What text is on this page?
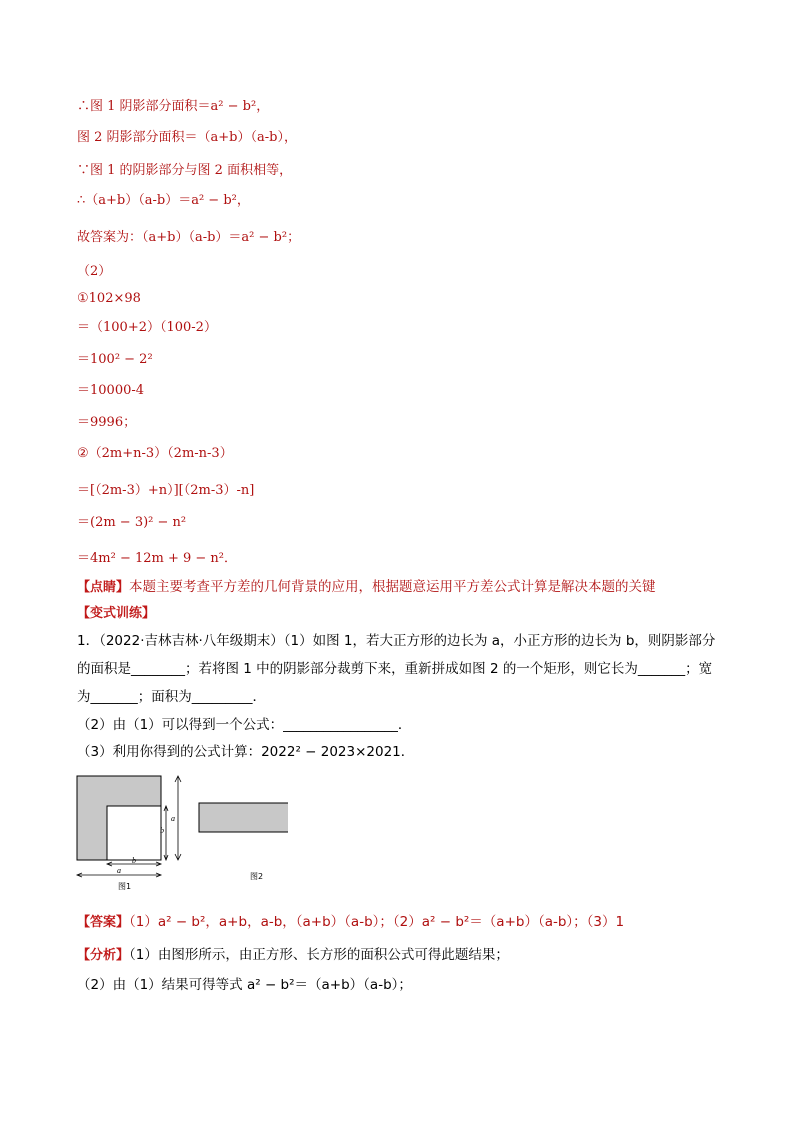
∴图 1 阴影部分面积＝a² − b²，
图 2 阴影部分面积＝（a+b）（a-b），
∵图 1 的阴影部分与图 2 面积相等，
∴（a+b）（a-b）＝a² − b²，
故答案为：（a+b）（a-b）＝a² − b²；
（2）
①102×98
＝（100+2）（100-2）
＝100² − 2²
＝10000-4
＝9996；
②（2m+n-3）（2m-n-3）
＝[（2m-3）+n）][（2m-3）-n]
＝(2m − 3)² − n²
＝4m² − 12m + 9 − n²．
【点睛】本题主要考查平方差的几何背景的应用，根据题意运用平方差公式计算是解决本题的关键
【变式训练】
1．（2022·吉林吉林·八年级期末）（1）如图 1，若大正方形的边长为 a，小正方形的边长为 b，则阴影部分的面积是________；若将图 1 中的阴影部分裁剪下来，重新拼成如图 2 的一个矩形，则它长为_______；宽为_______；面积为_________．
（2）由（1）可以得到一个公式：_________________．
（3）利用你得到的公式计算：2022² − 2023×2021．
a
b
b
a
图1
图2
【答案】（1）a² − b²，a+b，a-b，（a+b）（a-b）；（2）a² − b²＝（a+b）（a-b）；（3）1
【分析】（1）由图形所示，由正方形、长方形的面积公式可得此题结果；
（2）由（1）结果可得等式 a² − b²＝（a+b）（a-b）；
